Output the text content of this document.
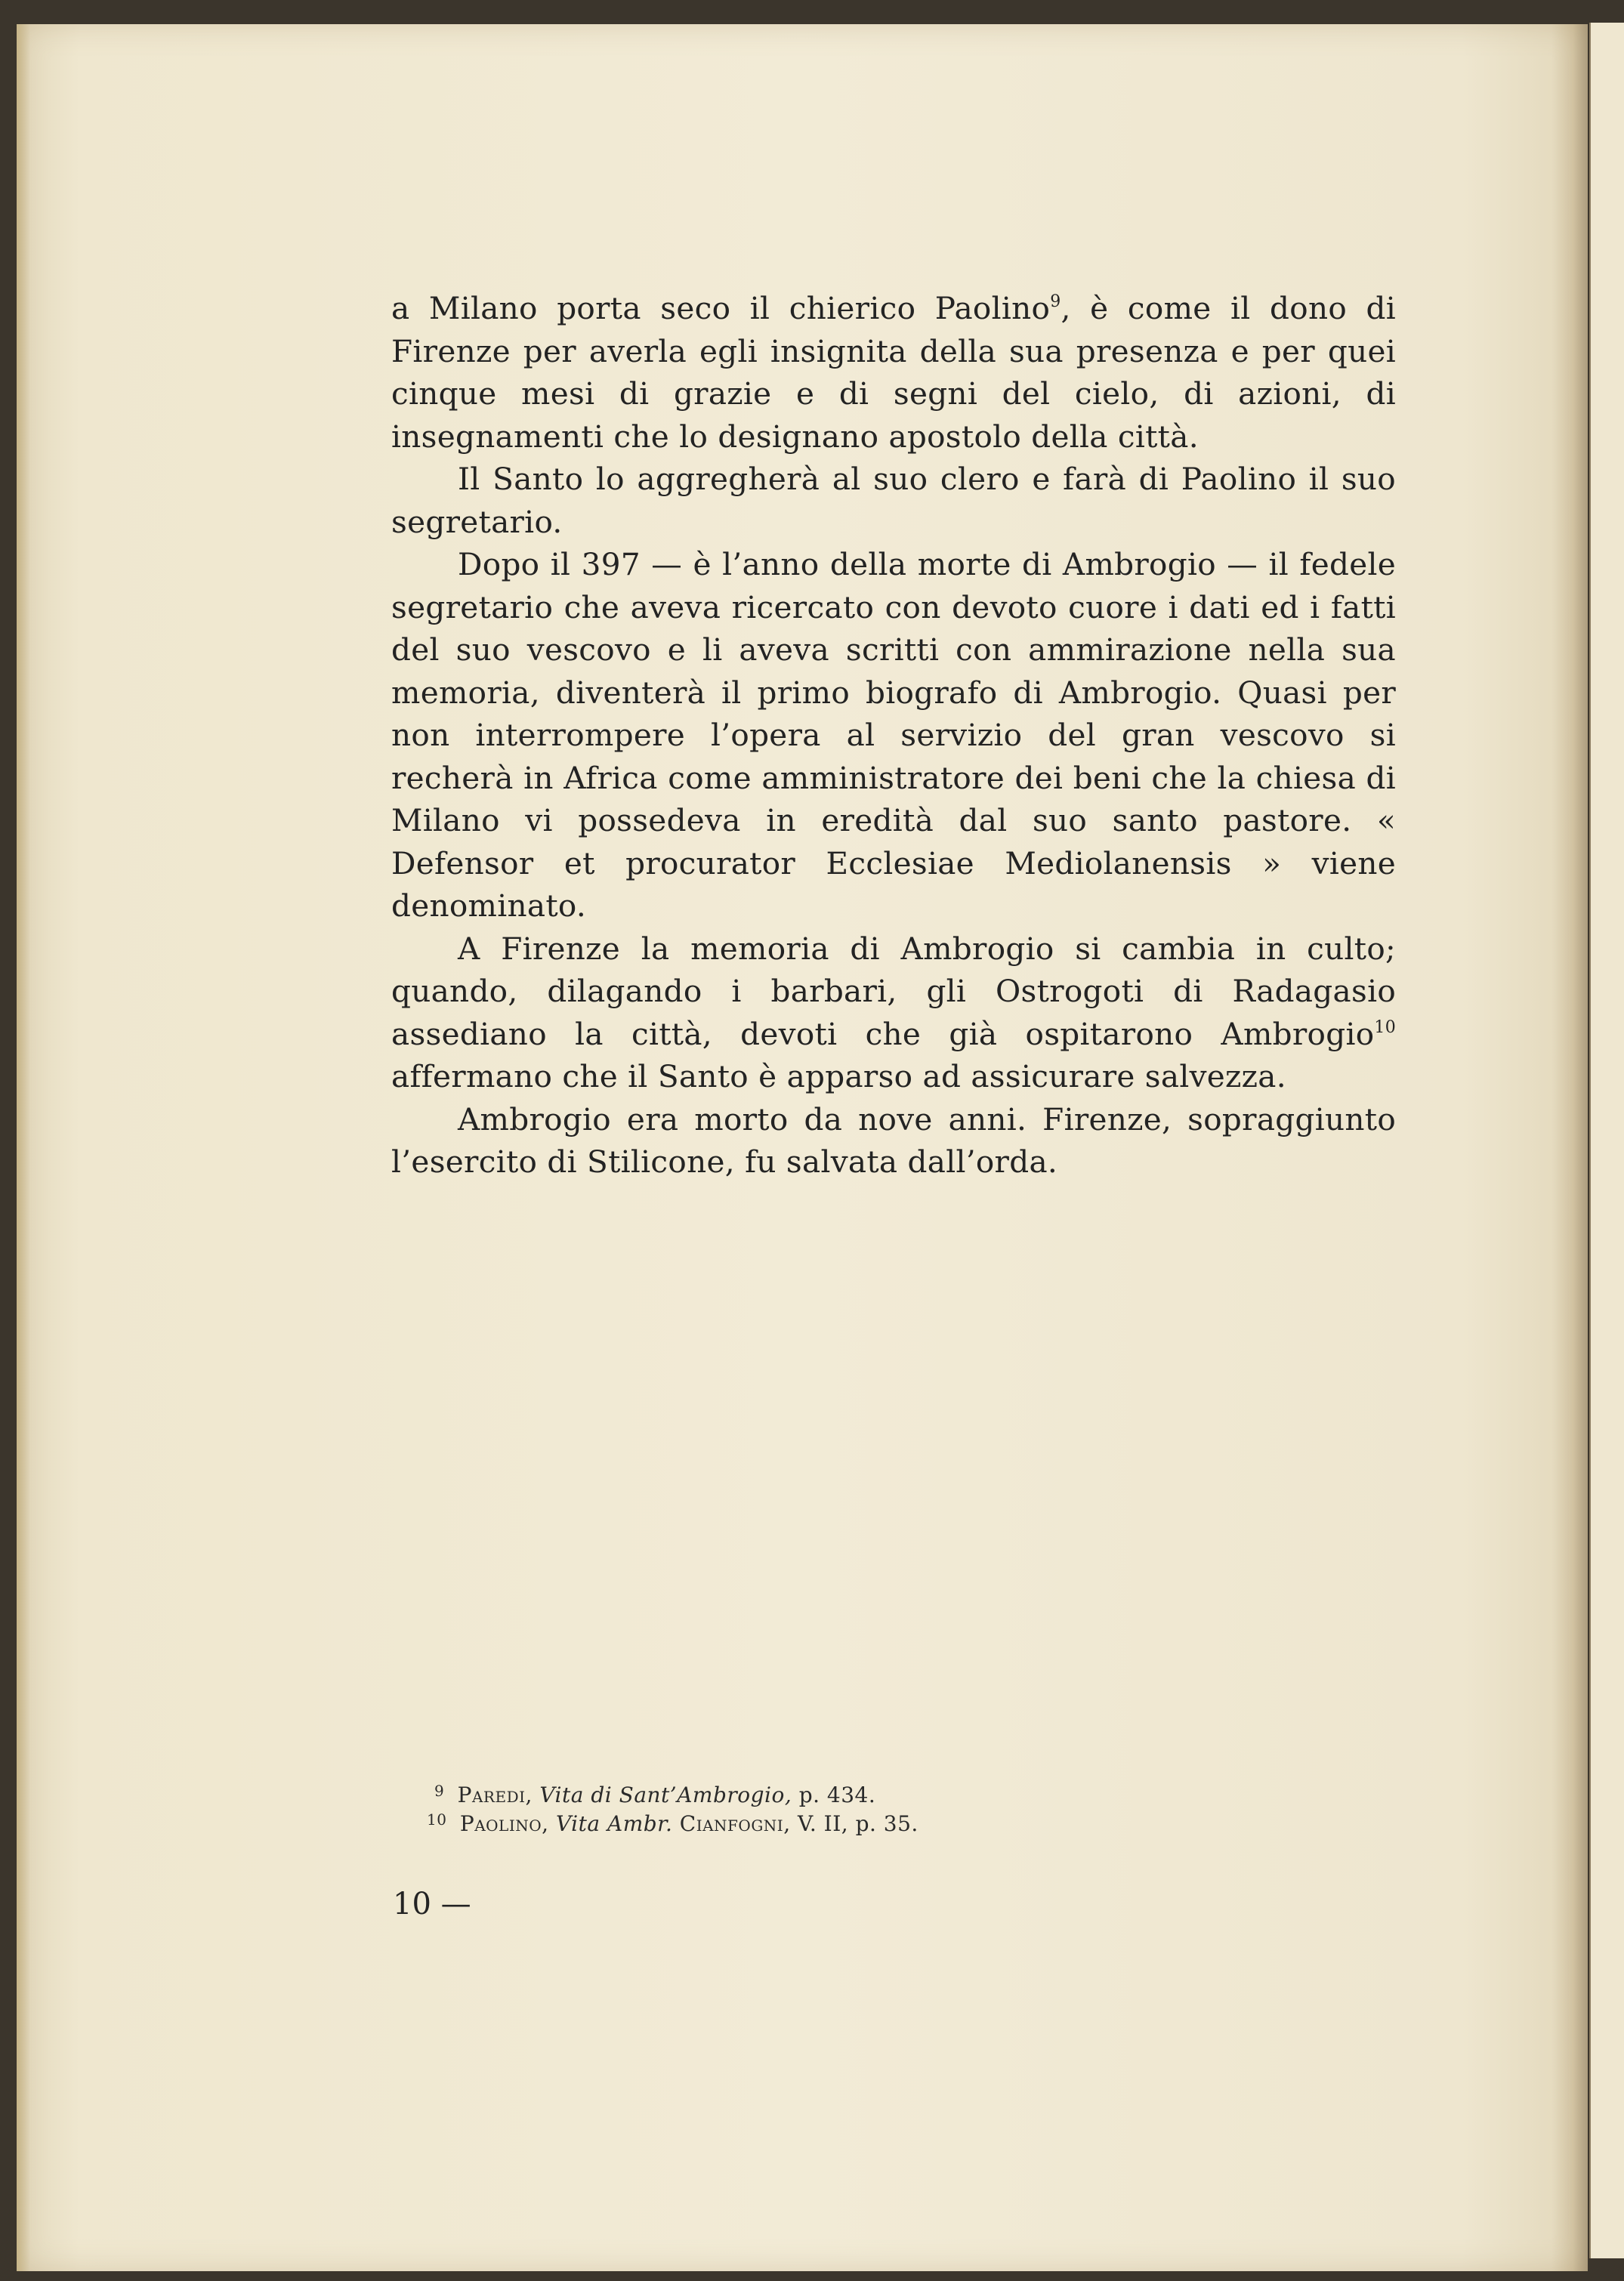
a Milano porta seco il chierico Paolino$^9$, è come il dono di Firenze per averla egli insignita della sua presenza e per quei cinque mesi di grazie e di segni del cielo, di azioni, di insegnamenti che lo designano apostolo della città.

Il Santo lo aggregherà al suo clero e farà di Paolino il suo segretario.

Dopo il 397 — è l’anno della morte di Ambrogio — il fedele segretario che aveva ricercato con devoto cuore i dati ed i fatti del suo vescovo e li aveva scritti con ammirazione nella sua memoria, diventerà il primo biografo di Ambrogio. Quasi per non interrompere l’opera al servizio del gran vescovo si recherà in Africa come amministratore dei beni che la chiesa di Milano vi possedeva in eredità dal suo santo pastore. « Defensor et procurator Ecclesiae Mediolanensis » viene denominato.

A Firenze la memoria di Ambrogio si cambia in culto; quando, dilagando i barbari, gli Ostrogoti di Radagasio assediano la città, devoti che già ospitarono Ambrogio$^{10}$ affermano che il Santo è apparso ad assicurare salvezza.

Ambrogio era morto da nove anni. Firenze, sopraggiunto l’esercito di Stilicone, fu salvata dall’orda.

$^9$ Paredi, Vita di Sant’Ambrogio, p. 434.
$^{10}$ Paolino, Vita Ambr. Cianfogni, V. II, p. 35.
10 —
